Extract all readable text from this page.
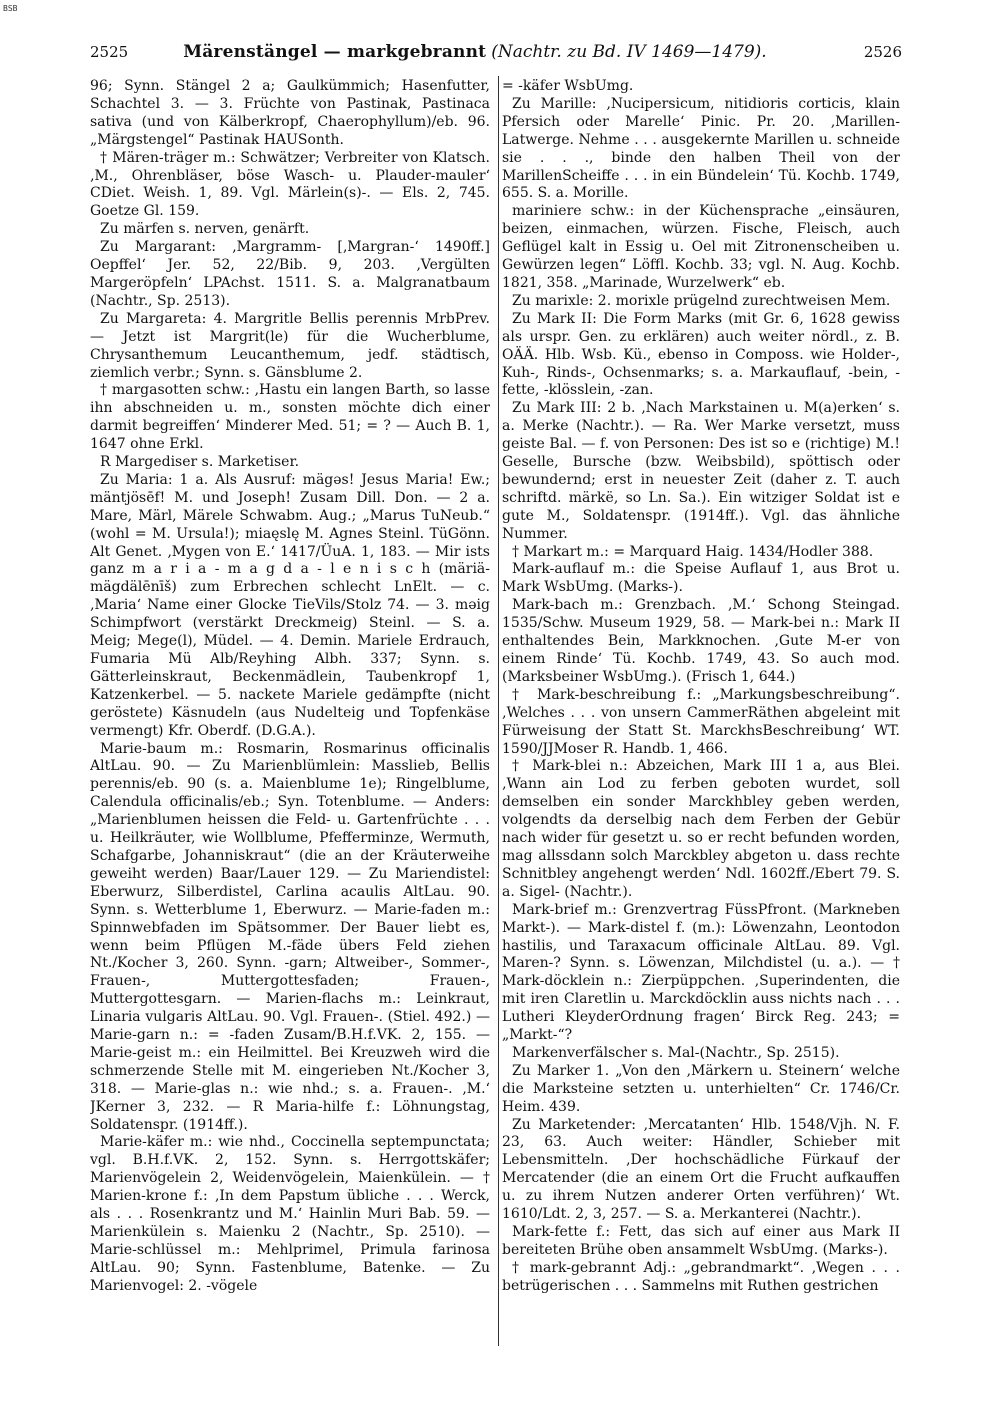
BSB
2525	Märenstängel — markgebrannt (Nachtr. zu Bd. IV 1469—1479).	2526

96; Synn. Stängel 2 a; Gaulkümmich; Hasenfutter, Schachtel 3. — 3. Früchte von Pastinak, Pastinaca sativa (und von Kälberkropf, Chaerophyllum)/eb. 96. „Märgstengel“ Pastinak HAUSonth.

† Mären-träger m.: Schwätzer; Verbreiter von Klatsch. ‚M., Ohrenbläser, böse Wasch- u. Plauder-mauler‘ CDiet. Weish. 1, 89. Vgl. Märlein(s)-. — Els. 2, 745. Goetze Gl. 159.

Zu märfen s. nerven, genärft.

Zu Margarant: ‚Margramm- [‚Margran-‘ 1490ff.] Oepffel‘ Jer. 52, 22/Bib. 9, 203. ‚Vergülten Margeröpfeln‘ LPAchst. 1511. S. a. Malgranatbaum (Nachtr., Sp. 2513).

Zu Margareta: 4. Margritle Bellis perennis MrbPrev. — Jetzt ist Margrit(le) für die Wucherblume, Chrysanthemum Leucanthemum, jedf. städtisch, ziemlich verbr.; Synn. s. Gänsblume 2.

† margasotten schw.: ‚Hastu ein langen Barth, so lasse ihn abschneiden u. m., sonsten möchte dich einer darmit begreiffen‘ Minderer Med. 51; = ? — Auch B. 1, 1647 ohne Erkl.

R Margediser s. Marketiser.

Zu Maria: 1 a. Als Ausruf: mägəs! Jesus Maria! Ew.; mäntjösēf! M. und Joseph! Zusam Dill. Don. — 2 a. Mare, Märl, Märele Schwabm. Aug.; „Marus TuNeub.“ (wohl = M. Ursula!); miaęslę M. Agnes Steinl. TüGönn. Alt Genet. ‚Mygen von E.‘ 1417/ÜuA. 1, 183. — Mir ists ganz m a r i a - m a g d a - l e n i s c h (märiä-mägdälēnīš) zum Erbrechen schlecht LnElt. — c. ‚Maria‘ Name einer Glocke TieVils/Stolz 74. — 3. məig Schimpfwort (verstärkt Dreckmeig) Steinl. — S. a. Meig; Mege(l), Müdel. — 4. Demin. Mariele Erdrauch, Fumaria Mü Alb/Reyhing Albh. 337; Synn. s. Gätterleinskraut, Beckenmädlein, Taubenkropf 1, Katzenkerbel. — 5. nackete Mariele gedämpfte (nicht geröstete) Käsnudeln (aus Nudelteig und Topfenkäse vermengt) Kfr. Oberdf. (D.G.A.).

Marie-baum m.: Rosmarin, Rosmarinus officinalis AltLau. 90. — Zu Marienblümlein: Masslieb, Bellis perennis/eb. 90 (s. a. Maienblume 1e); Ringelblume, Calendula officinalis/eb.; Syn. Totenblume. — Anders: „Marienblumen heissen die Feld- u. Gartenfrüchte . . . u. Heilkräuter, wie Wollblume, Pfefferminze, Wermuth, Schafgarbe, Johanniskraut“ (die an der Kräuterweihe geweiht werden) Baar/Lauer 129. — Zu Mariendistel: Eberwurz, Silberdistel, Carlina acaulis AltLau. 90. Synn. s. Wetterblume 1, Eberwurz. — Marie-faden m.: Spinnwebfaden im Spätsommer. Der Bauer liebt es, wenn beim Pflügen M.-fäde übers Feld ziehen Nt./Kocher 3, 260. Synn. -garn; Altweiber-, Sommer-, Frauen-, Muttergottesfaden; Frauen-, Muttergottesgarn. — Marien-flachs m.: Leinkraut, Linaria vulgaris AltLau. 90. Vgl. Frauen-. (Stiel. 492.) — Marie-garn n.: = -faden Zusam/B.H.f.VK. 2, 155. — Marie-geist m.: ein Heilmittel. Bei Kreuzweh wird die schmerzende Stelle mit M. eingerieben Nt./Kocher 3, 318. — Marie-glas n.: wie nhd.; s. a. Frauen-. ‚M.‘ JKerner 3, 232. — R Maria-hilfe f.: Löhnungstag, Soldatenspr. (1914ff.).

Marie-käfer m.: wie nhd., Coccinella septempunctata; vgl. B.H.f.VK. 2, 152. Synn. s. Herrgottskäfer; Marienvögelein 2, Weidenvögelein, Maienkülein. — † Marien-krone f.: ‚In dem Papstum übliche . . . Werck, als . . . Rosenkrantz und M.‘ Hainlin Muri Bab. 59. — Marienkülein s. Maienku 2 (Nachtr., Sp. 2510). — Marie-schlüssel m.: Mehlprimel, Primula farinosa AltLau. 90; Synn. Fastenblume, Batenke. — Zu Marienvogel: 2. -vögele

= -käfer WsbUmg.

Zu Marille: ‚Nucipersicum, nitidioris corticis, klain Pfersich oder Marelle‘ Pinic. Pr. 20. ‚Marillen-Latwerge. Nehme . . . ausgekernte Marillen u. schneide sie . . ., binde den halben Theil von der MarillenScheiffe . . . in ein Bündelein‘ Tü. Kochb. 1749, 655. S. a. Morille.

mariniere schw.: in der Küchensprache „einsäuren, beizen, einmachen, würzen. Fische, Fleisch, auch Geflügel kalt in Essig u. Oel mit Zitronenscheiben u. Gewürzen legen“ Löffl. Kochb. 33; vgl. N. Aug. Kochb. 1821, 358. „Marinade, Wurzelwerk“ eb.

Zu marixle: 2. morixle prügelnd zurechtweisen Mem.

Zu Mark II: Die Form Marks (mit Gr. 6, 1628 gewiss als urspr. Gen. zu erklären) auch weiter nördl., z. B. OÄÄ. Hlb. Wsb. Kü., ebenso in Composs. wie Holder-, Kuh-, Rinds-, Ochsenmarks; s. a. Markauflauf, -bein, -fette, -klösslein, -zan.

Zu Mark III: 2 b. ‚Nach Markstainen u. M(a)erken‘ s. a. Merke (Nachtr.). — Ra. Wer Marke versetzt, muss geiste Bal. — f. von Personen: Des ist so e (richtige) M.! Geselle, Bursche (bzw. Weibsbild), spöttisch oder bewundernd; erst in neuester Zeit (daher z. T. auch schriftd. märkë, so Ln. Sa.). Ein witziger Soldat ist e gute M., Soldatenspr. (1914ff.). Vgl. das ähnliche Nummer.

† Markart m.: = Marquard Haig. 1434/Hodler 388.

Mark-auflauf m.: die Speise Auflauf 1, aus Brot u. Mark WsbUmg. (Marks-).

Mark-bach m.: Grenzbach. ‚M.‘ Schong Steingad. 1535/Schw. Museum 1929, 58. — Mark-bei n.: Mark II enthaltendes Bein, Markknochen. ‚Gute M-er von einem Rinde‘ Tü. Kochb. 1749, 43. So auch mod. (Marksbeiner WsbUmg.). (Frisch 1, 644.)

† Mark-beschreibung f.: „Markungsbeschreibung“. ‚Welches . . . von unsern CammerRäthen abgeleint mit Fürweisung der Statt St. MarckhsBeschreibung‘ WT. 1590/JJMoser R. Handb. 1, 466.

† Mark-blei n.: Abzeichen, Mark III 1 a, aus Blei. ‚Wann ain Lod zu ferben geboten wurdet, soll demselben ein sonder Marckhbley geben werden, volgendts da derselbig nach dem Ferben der Gebür nach wider für gesetzt u. so er recht befunden worden, mag allssdann solch Marckbley abgeton u. dass rechte Schnitbley angehengt werden‘ Ndl. 1602ff./Ebert 79. S. a. Sigel- (Nachtr.).

Mark-brief m.: Grenzvertrag FüssPfront. (Markneben Markt-). — Mark-distel f. (m.): Löwenzahn, Leontodon hastilis, und Taraxacum officinale AltLau. 89. Vgl. Maren-? Synn. s. Löwenzan, Milchdistel (u. a.). — † Mark-döcklein n.: Zierpüppchen. ‚Superindenten, die mit iren Claretlin u. Marckdöcklin auss nichts nach . . . Lutheri KleyderOrdnung fragen‘ Birck Reg. 243; = „Markt-“?

Markenverfälscher s. Mal-(Nachtr., Sp. 2515).

Zu Marker 1. „Von den ‚Märkern u. Steinern‘ welche die Marksteine setzten u. unterhielten“ Cr. 1746/Cr. Heim. 439.

Zu Marketender: ‚Mercatanten‘ Hlb. 1548/Vjh. N. F. 23, 63. Auch weiter: Händler, Schieber mit Lebensmitteln. ‚Der hochschädliche Fürkauf der Mercatender (die an einem Ort die Frucht aufkauffen u. zu ihrem Nutzen anderer Orten verführen)‘ Wt. 1610/Ldt. 2, 3, 257. — S. a. Merkanterei (Nachtr.).

Mark-fette f.: Fett, das sich auf einer aus Mark II bereiteten Brühe oben ansammelt WsbUmg. (Marks-).

† mark-gebrannt Adj.: „gebrandmarkt“. ‚Wegen . . . betrügerischen . . . Sammelns mit Ruthen gestrichen
